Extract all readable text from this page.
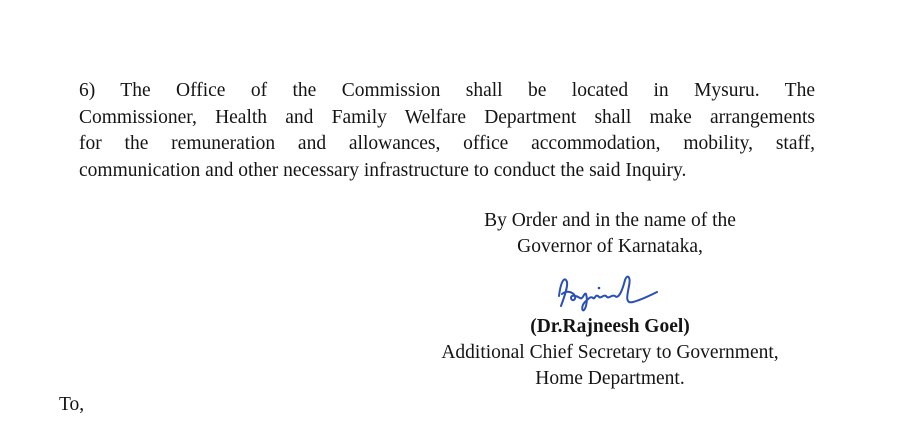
6) The Office of the Commission shall be located in Mysuru. The
Commissioner, Health and Family Welfare Department shall make arrangements
for the remuneration and allowances, office accommodation, mobility, staff,
communication and other necessary infrastructure to conduct the said Inquiry.
By Order and in the name of the
Governor of Karnataka,
(Dr.Rajneesh Goel)
Additional Chief Secretary to Government,
Home Department.
To,
